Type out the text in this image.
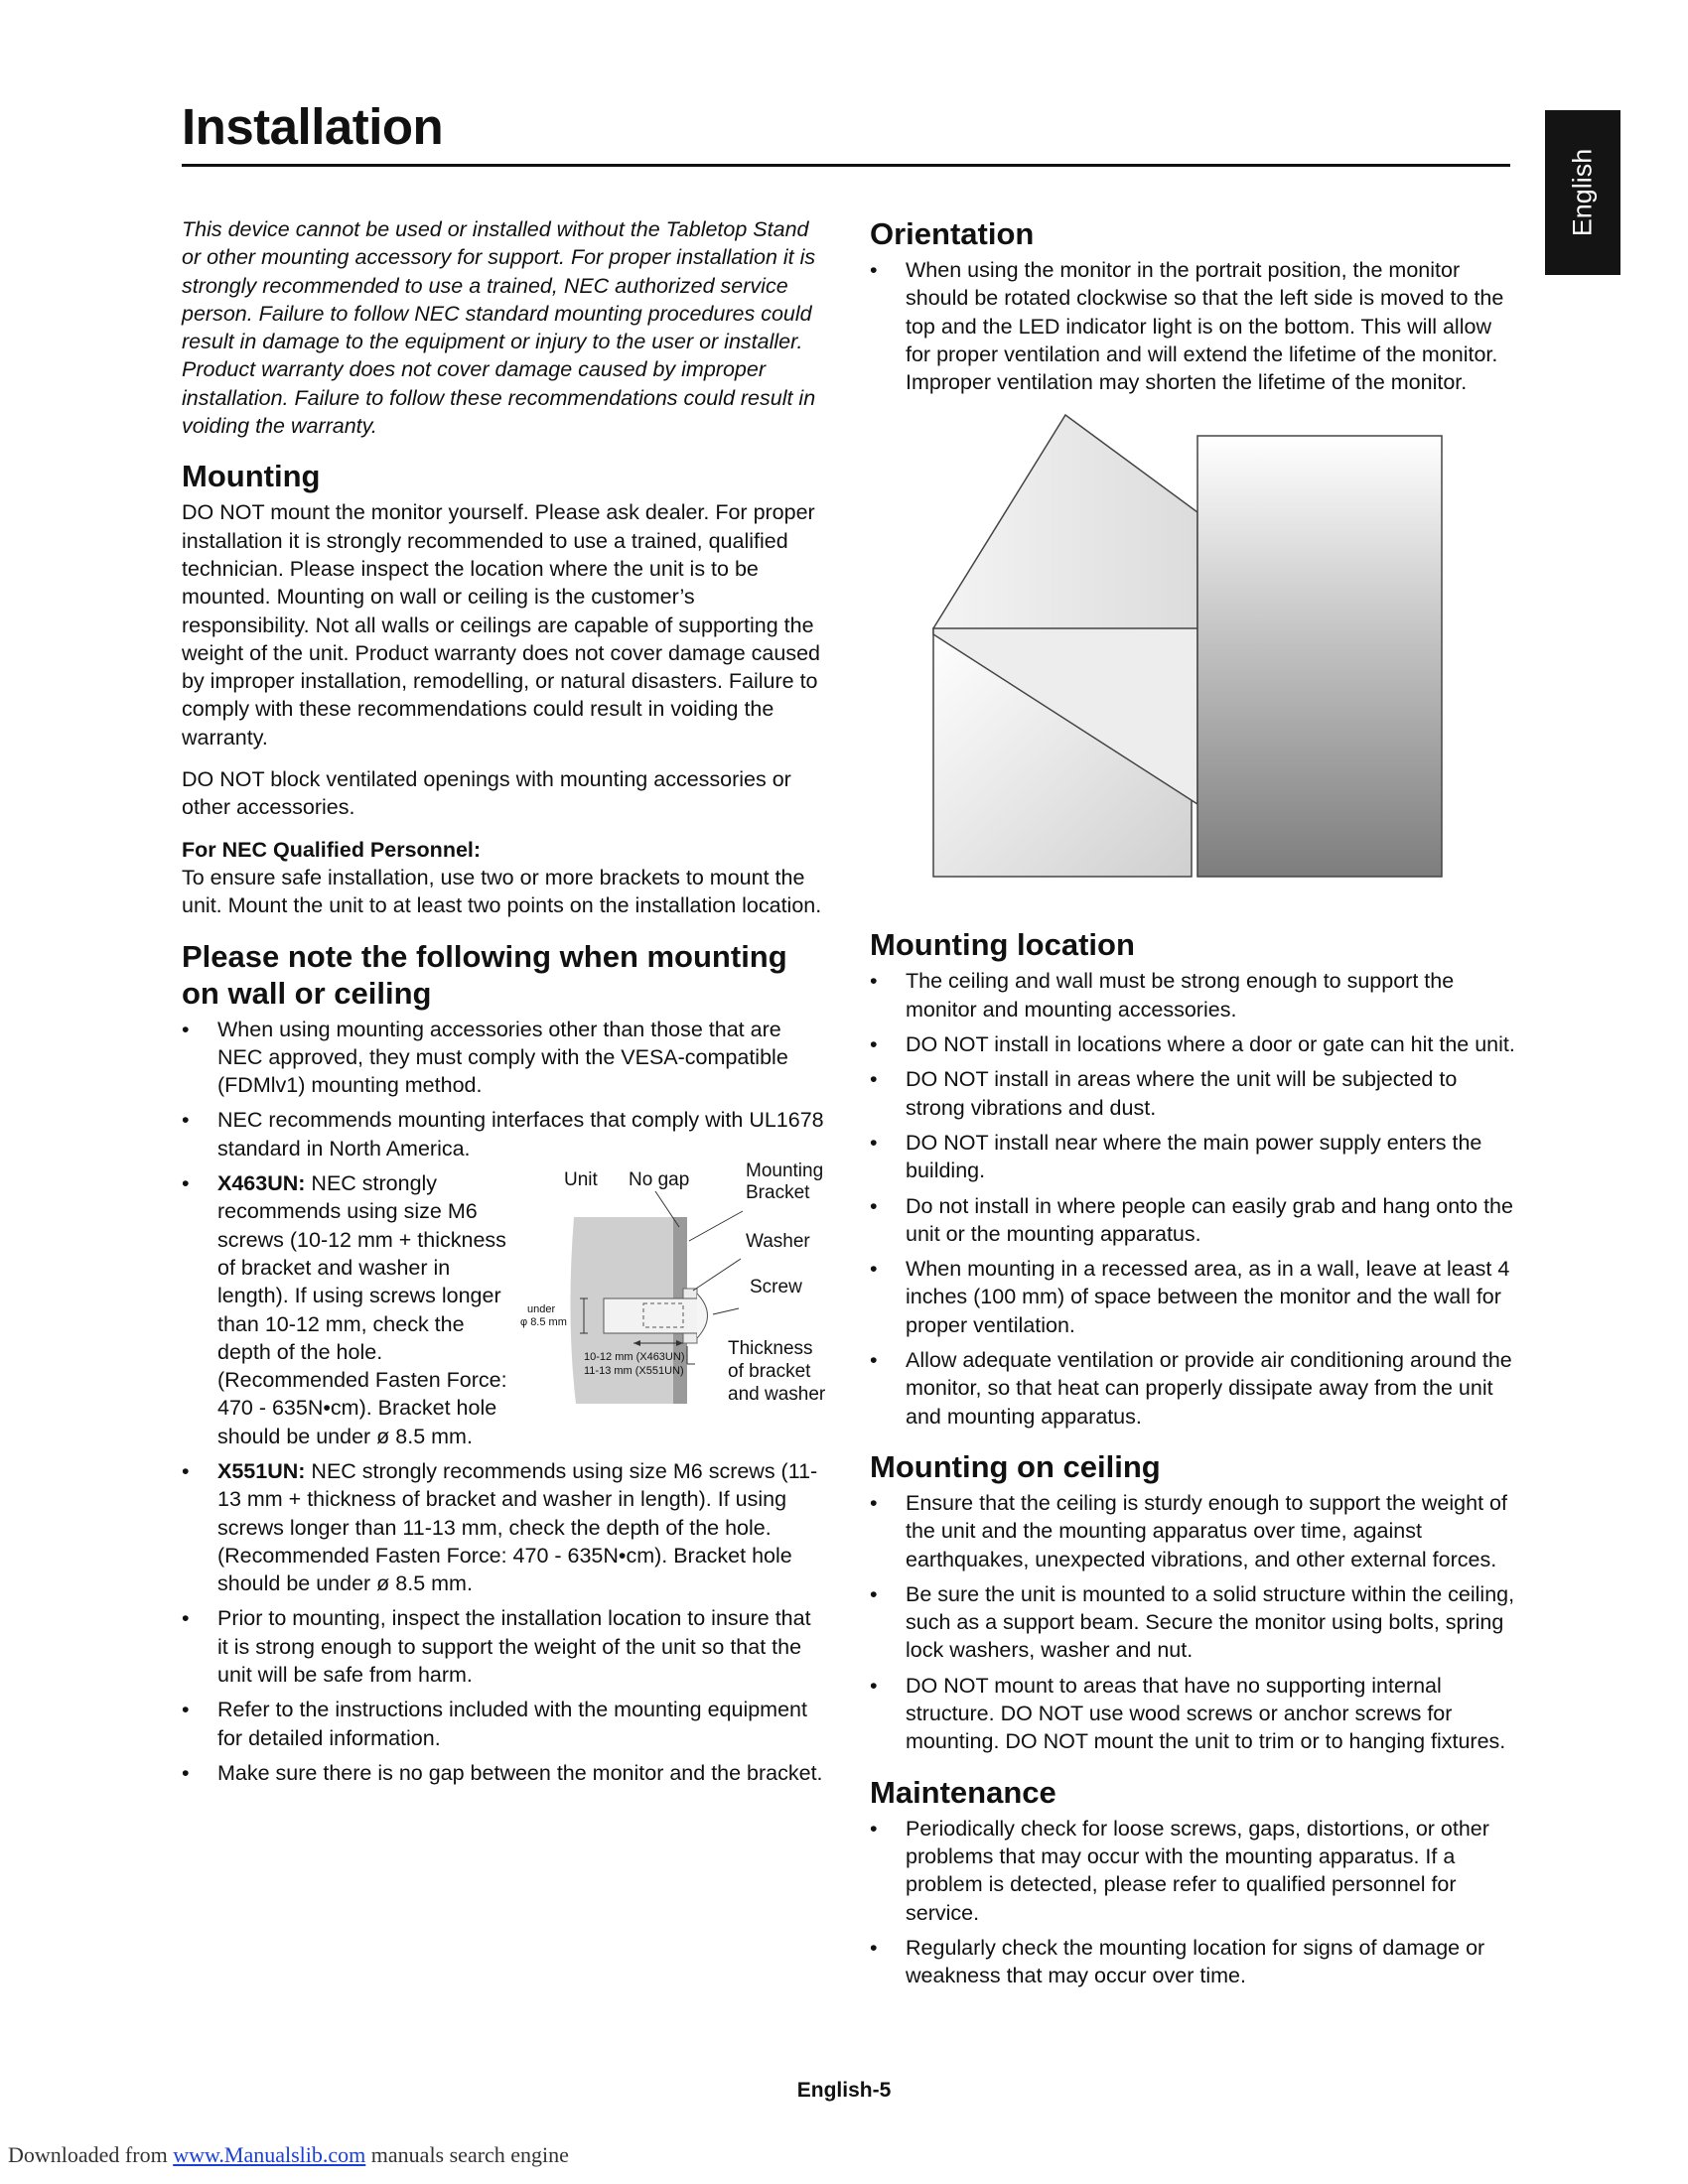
Installation
English

This device cannot be used or installed without the Tabletop Stand or other mounting accessory for support. For proper installation it is strongly recommended to use a trained, NEC authorized service person. Failure to follow NEC standard mounting procedures could result in damage to the equipment or injury to the user or installer. Product warranty does not cover damage caused by improper installation. Failure to follow these recommendations could result in voiding the warranty.

Mounting

DO NOT mount the monitor yourself. Please ask dealer. For proper installation it is strongly recommended to use a trained, qualified technician. Please inspect the location where the unit is to be mounted. Mounting on wall or ceiling is the customer’s responsibility. Not all walls or ceilings are capable of supporting the weight of the unit. Product warranty does not cover damage caused by improper installation, remodelling, or natural disasters. Failure to comply with these recommendations could result in voiding the warranty.

DO NOT block ventilated openings with mounting accessories or other accessories.

For NEC Qualified Personnel:

To ensure safe installation, use two or more brackets to mount the unit. Mount the unit to at least two points on the installation location.

Please note the following when mounting on wall or ceiling
• When using mounting accessories other than those that are NEC approved, they must comply with the VESA-compatible (FDMlv1) mounting method.
• NEC recommends mounting interfaces that comply with UL1678 standard in North America.
• X463UN: NEC strongly recommends using size M6 screws (10-12 mm + thickness of bracket and washer in length). If using screws longer than 10-12 mm, check the depth of the hole. (Recommended Fasten Force: 470 - 635N•cm). Bracket hole should be under ø 8.5 mm.
Unit No gap	Mounting
Bracket
Washer
Screw
under
φ 8.5 mm
10-12 mm (X463UN)
11-13 mm (X551UN)
Thickness
of bracket
and washer
• X551UN: NEC strongly recommends using size M6 screws (11-13 mm + thickness of bracket and washer in length). If using screws longer than 11-13 mm, check the depth of the hole. (Recommended Fasten Force: 470 - 635N•cm). Bracket hole should be under ø 8.5 mm.
• Prior to mounting, inspect the installation location to insure that it is strong enough to support the weight of the unit so that the unit will be safe from harm.
• Refer to the instructions included with the mounting equipment for detailed information.
• Make sure there is no gap between the monitor and the bracket.
Orientation
• When using the monitor in the portrait position, the monitor should be rotated clockwise so that the left side is moved to the top and the LED indicator light is on the bottom. This will allow for proper ventilation and will extend the lifetime of the monitor. Improper ventilation may shorten the lifetime of the monitor.
Mounting location
• The ceiling and wall must be strong enough to support the monitor and mounting accessories.
• DO NOT install in locations where a door or gate can hit the unit.
• DO NOT install in areas where the unit will be subjected to strong vibrations and dust.
• DO NOT install near where the main power supply enters the building.
• Do not install in where people can easily grab and hang onto the unit or the mounting apparatus.
• When mounting in a recessed area, as in a wall, leave at least 4 inches (100 mm) of space between the monitor and the wall for proper ventilation.
• Allow adequate ventilation or provide air conditioning around the monitor, so that heat can properly dissipate away from the unit and mounting apparatus.
Mounting on ceiling
• Ensure that the ceiling is sturdy enough to support the weight of the unit and the mounting apparatus over time, against earthquakes, unexpected vibrations, and other external forces.
• Be sure the unit is mounted to a solid structure within the ceiling, such as a support beam. Secure the monitor using bolts, spring lock washers, washer and nut.
• DO NOT mount to areas that have no supporting internal structure. DO NOT use wood screws or anchor screws for mounting. DO NOT mount the unit to trim or to hanging fixtures.
Maintenance
• Periodically check for loose screws, gaps, distortions, or other problems that may occur with the mounting apparatus. If a problem is detected, please refer to qualified personnel for service.
• Regularly check the mounting location for signs of damage or weakness that may occur over time.
English-5
Downloaded from www.Manualslib.com manuals search engine
